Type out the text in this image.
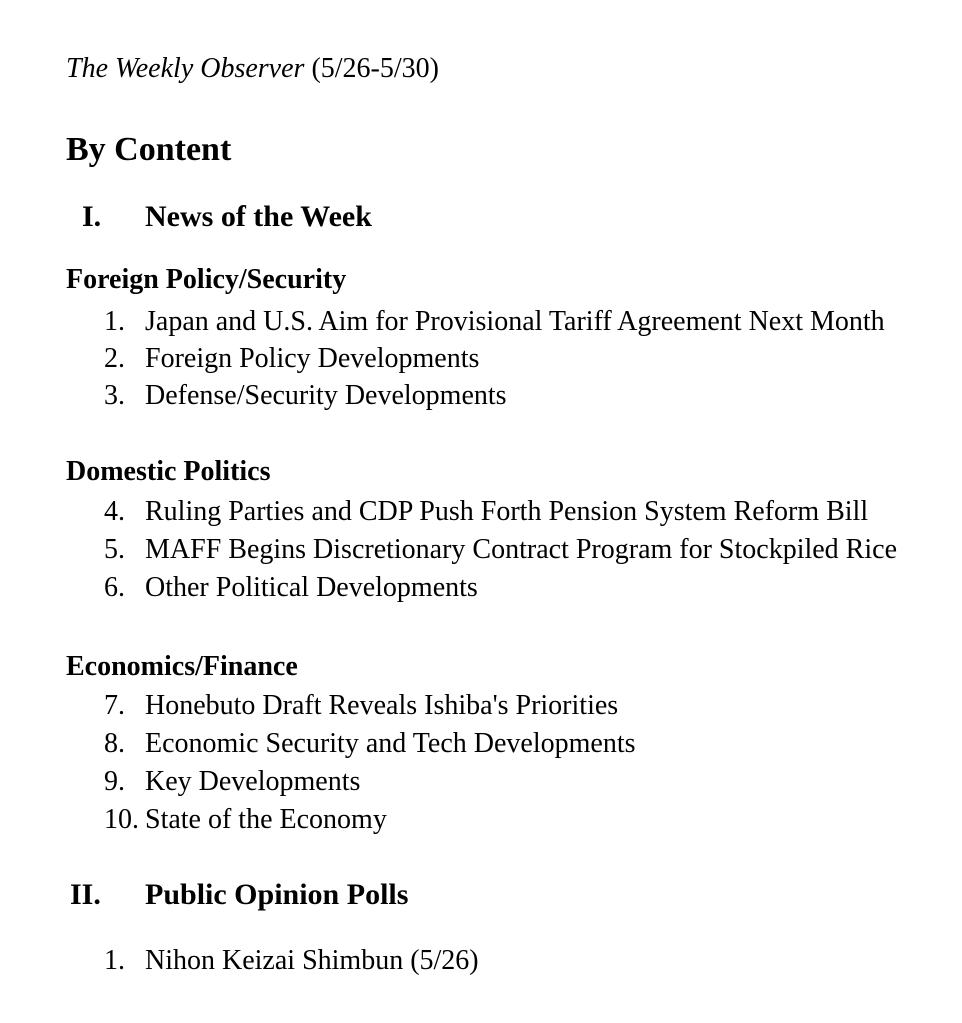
The Weekly Observer (5/26-5/30)
By Content
I. News of the Week
Foreign Policy/Security
1. Japan and U.S. Aim for Provisional Tariff Agreement Next Month
2. Foreign Policy Developments
3. Defense/Security Developments
Domestic Politics
4. Ruling Parties and CDP Push Forth Pension System Reform Bill
5. MAFF Begins Discretionary Contract Program for Stockpiled Rice
6. Other Political Developments
Economics/Finance
7. Honebuto Draft Reveals Ishiba's Priorities
8. Economic Security and Tech Developments
9. Key Developments
10. State of the Economy
II. Public Opinion Polls
1. Nihon Keizai Shimbun (5/26)
